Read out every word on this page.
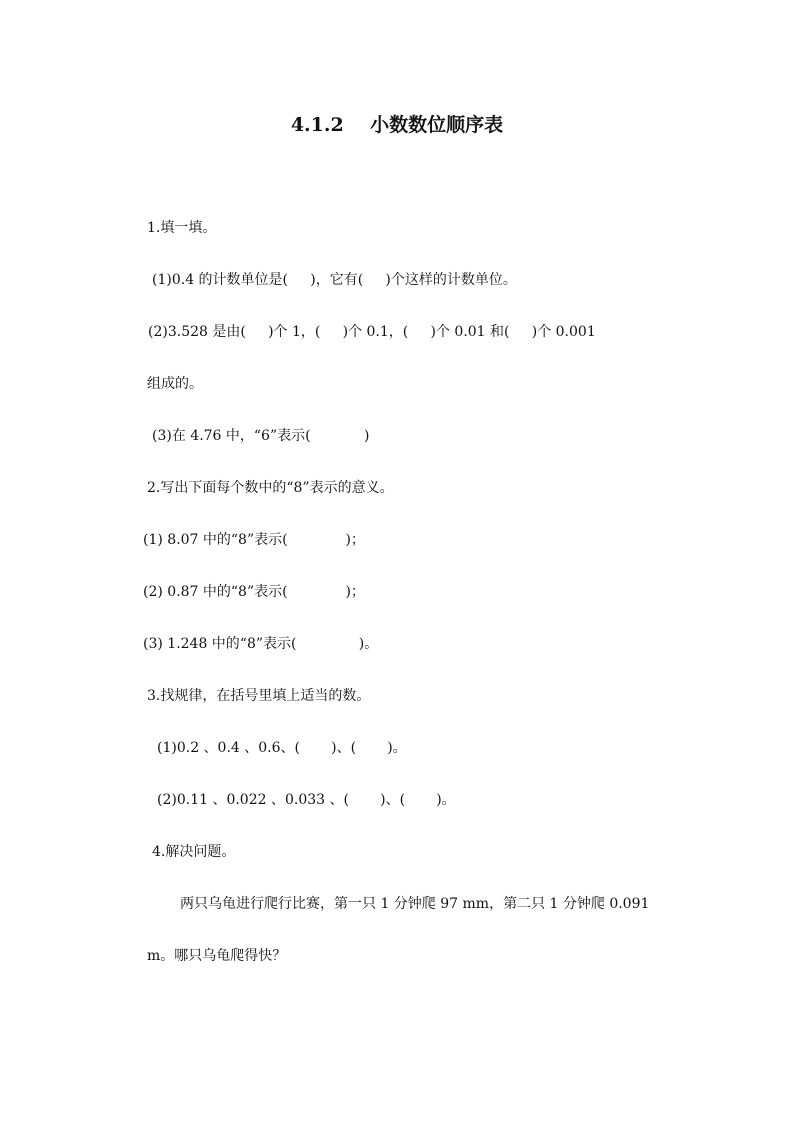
4.1.2    小数数位顺序表

1.填一填。

(1)0.4 的计数单位是(     )，它有(     )个这样的计数单位。

(2)3.528 是由(     )个 1，(     )个 0.1，(     )个 0.01 和(     )个 0.001

组成的。

(3)在 4.76 中，“6”表示(            )

2.写出下面每个数中的“8”表示的意义。

(1) 8.07 中的“8”表示(             )；

(2) 0.87 中的“8”表示(             )；

(3) 1.248 中的“8”表示(              )。

3.找规律，在括号里填上适当的数。

(1)0.2 、0.4 、0.6、(       )、(       )。

(2)0.11 、0.022 、0.033 、(       )、(       )。

4.解决问题。

两只乌龟进行爬行比赛，第一只 1 分钟爬 97 mm，第二只 1 分钟爬 0.091

m。哪只乌龟爬得快？
